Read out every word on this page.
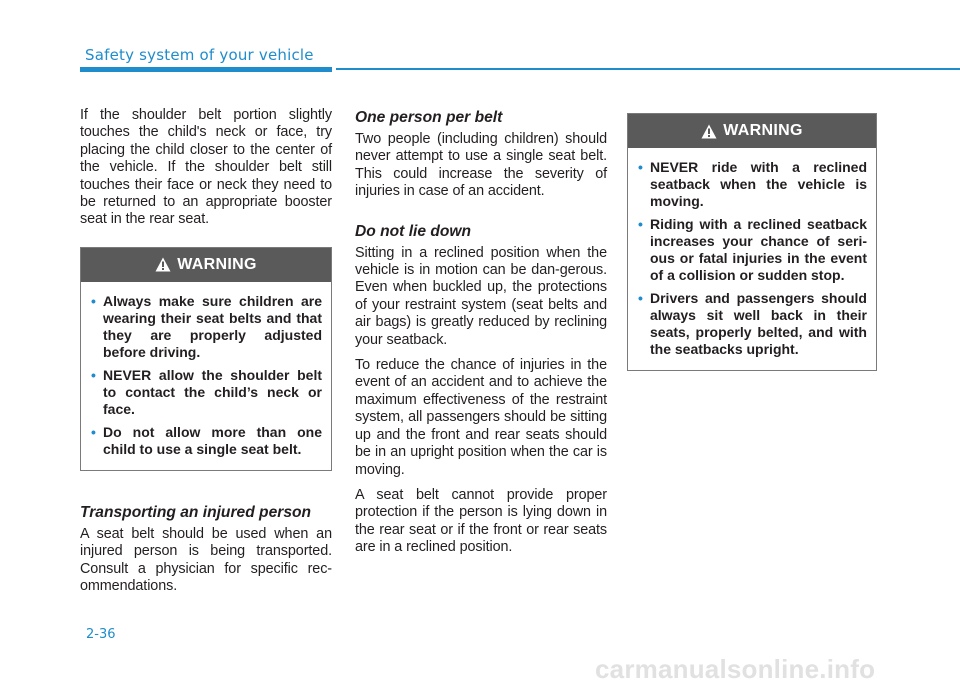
Safety system of your vehicle

If the shoulder belt portion slightly touches the child's neck or face, try placing the child closer to the center of the vehicle. If the shoulder belt still touches their face or neck they need to be returned to an appropriate booster seat in the rear seat.

WARNING
• Always make sure children are wearing their seat belts and that they are properly adjusted before driving.
• NEVER allow the shoulder belt to contact the child’s neck or face.
• Do not allow more than one child to use a single seat belt.
Transporting an injured person

A seat belt should be used when an injured person is being transported. Consult a physician for specific rec-ommendations.

One person per belt

Two people (including children) should never attempt to use a single seat belt. This could increase the severity of injuries in case of an accident.

Do not lie down

Sitting in a reclined position when the vehicle is in motion can be dan-gerous. Even when buckled up, the protections of your restraint system (seat belts and air bags) is greatly reduced by reclining your seatback.

To reduce the chance of injuries in the event of an accident and to achieve the maximum effectiveness of the restraint system, all passengers should be sitting up and the front and rear seats should be in an upright position when the car is moving.

A seat belt cannot provide proper protection if the person is lying down in the rear seat or if the front or rear seats are in a reclined position.

WARNING
• NEVER ride with a reclined seatback when the vehicle is moving.
• Riding with a reclined seatback increases your chance of seri-ous or fatal injuries in the event of a collision or sudden stop.
• Drivers and passengers should always sit well back in their seats, properly belted, and with the seatbacks upright.
2-36
carmanualsonline.info
